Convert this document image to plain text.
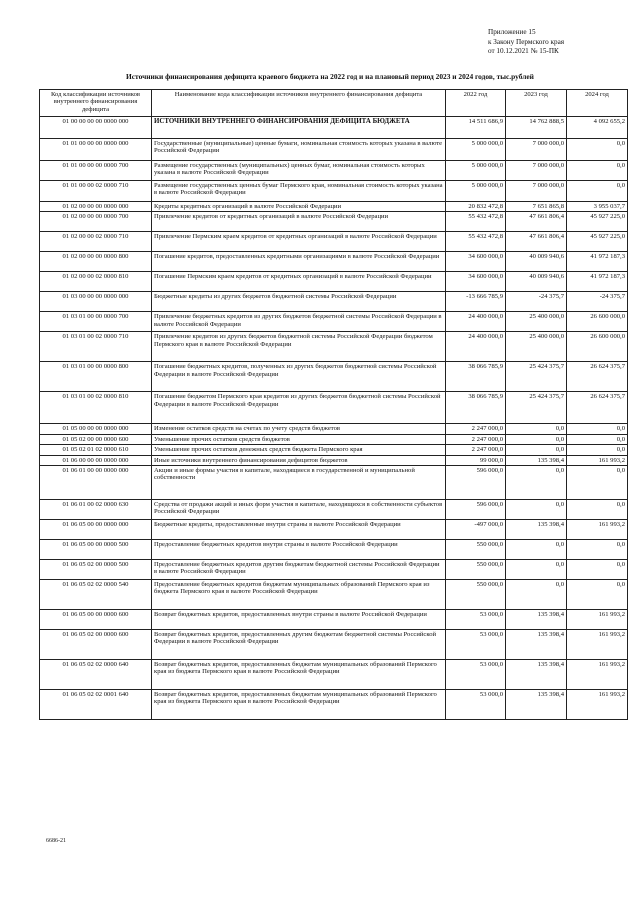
Приложение 15
к Закону Пермского края
от 10.12.2021 № 15-ПК
Источники финансирования дефицита краевого бюджета на 2022 год и на плановый период 2023 и 2024 годов, тыс.рублей
Код классификации источников внутреннего финансирования дефицита	Наименование кода классификации источников внутреннего финансирования дефицита	2022 год	2023 год	2024 год
01 00 00 00 00 0000 000	ИСТОЧНИКИ ВНУТРЕННЕГО ФИНАНСИРОВАНИЯ ДЕФИЦИТА БЮДЖЕТА	14 511 686,9	14 762 888,5	4 092 655,2
01 01 00 00 00 0000 000	Государственные (муниципальные) ценные бумаги, номинальная стоимость которых указана в валюте Российской Федерации	5 000 000,0	7 000 000,0	0,0
01 01 00 00 00 0000 700	Размещение государственных (муниципальных) ценных бумаг, номинальная стоимость которых указана в валюте Российской Федерации	5 000 000,0	7 000 000,0	0,0
01 01 00 00 02 0000 710	Размещение государственных ценных бумаг Пермского края, номинальная стоимость которых указана в валюте Российской Федерации	5 000 000,0	7 000 000,0	0,0
01 02 00 00 00 0000 000	Кредиты кредитных организаций в валюте Российской Федерации	20 832 472,8	7 651 865,8	3 955 037,7
01 02 00 00 00 0000 700	Привлечение кредитов от кредитных организаций в валюте Российской Федерации	55 432 472,8	47 661 806,4	45 927 225,0
01 02 00 00 02 0000 710	Привлечение Пермским краем кредитов от кредитных организаций в валюте Российской Федерации	55 432 472,8	47 661 806,4	45 927 225,0
01 02 00 00 00 0000 800	Погашение кредитов, предоставленных кредитными организациями в валюте Российской Федерации	34 600 000,0	40 009 940,6	41 972 187,3
01 02 00 00 02 0000 810	Погашение Пермским краем кредитов от кредитных организаций в валюте Российской Федерации	34 600 000,0	40 009 940,6	41 972 187,3
01 03 00 00 00 0000 000	Бюджетные кредиты из других бюджетов бюджетной системы Российской Федерации	-13 666 785,9	-24 375,7	-24 375,7
01 03 01 00 00 0000 700	Привлечение бюджетных кредитов из других бюджетов бюджетной системы Российской Федерации в валюте Российской Федерации	24 400 000,0	25 400 000,0	26 600 000,0
01 03 01 00 02 0000 710	Привлечение кредитов из других бюджетов бюджетной системы Российской Федерации бюджетом Пермского края в валюте Российской Федерации	24 400 000,0	25 400 000,0	26 600 000,0
01 03 01 00 00 0000 800	Погашение бюджетных кредитов, полученных из других бюджетов бюджетной системы Российской Федерации в валюте Российской Федерации	38 066 785,9	25 424 375,7	26 624 375,7
01 03 01 00 02 0000 810	Погашение бюджетом Пермского края кредитов из других бюджетов бюджетной системы Российской Федерации в валюте Российской Федерации	38 066 785,9	25 424 375,7	26 624 375,7
01 05 00 00 00 0000 000	Изменение остатков средств на счетах по учету средств бюджетов	2 247 000,0	0,0	0,0
01 05 02 00 00 0000 600	Уменьшение прочих остатков средств бюджетов	2 247 000,0	0,0	0,0
01 05 02 01 02 0000 610	Уменьшение прочих остатков денежных средств бюджета Пермского края	2 247 000,0	0,0	0,0
01 06 00 00 00 0000 000	Иные источники внутреннего финансирования дефицитов бюджетов	99 000,0	135 398,4	161 993,2
01 06 01 00 00 0000 000	Акции и иные формы участия в капитале, находящиеся в государственной и муниципальной собственности	596 000,0	0,0	0,0
01 06 01 00 02 0000 630	Средства от продажи акций и иных форм участия в капитале, находящихся в собственности субъектов Российской Федерации	596 000,0	0,0	0,0
01 06 05 00 00 0000 000	Бюджетные кредиты, предоставленные внутри страны в валюте Российской Федерации	-497 000,0	135 398,4	161 993,2
01 06 05 00 00 0000 500	Предоставление бюджетных кредитов внутри страны в валюте Российской Федерации	550 000,0	0,0	0,0
01 06 05 02 00 0000 500	Предоставление бюджетных кредитов другим бюджетам бюджетной системы Российской Федерации в валюте Российской Федерации	550 000,0	0,0	0,0
01 06 05 02 02 0000 540	Предоставление бюджетных кредитов бюджетам муниципальных образований Пермского края из бюджета Пермского края в валюте Российской Федерации	550 000,0	0,0	0,0
01 06 05 00 00 0000 600	Возврат бюджетных кредитов, предоставленных внутри страны в валюте Российской Федерации	53 000,0	135 398,4	161 993,2
01 06 05 02 00 0000 600	Возврат бюджетных кредитов, предоставленных другим бюджетам бюджетной системы Российской Федерации в валюте Российской Федерации	53 000,0	135 398,4	161 993,2
01 06 05 02 02 0000 640	Возврат бюджетных кредитов, предоставленных бюджетам муниципальных образований Пермского края из бюджета Пермского края в валюте Российской Федерации	53 000,0	135 398,4	161 993,2
01 06 05 02 02 0001 640	Возврат бюджетных кредитов, предоставленных бюджетам муниципальных образований Пермского края из бюджета Пермского края в валюте Российской Федерации	53 000,0	135 398,4	161 993,2
6686-21
